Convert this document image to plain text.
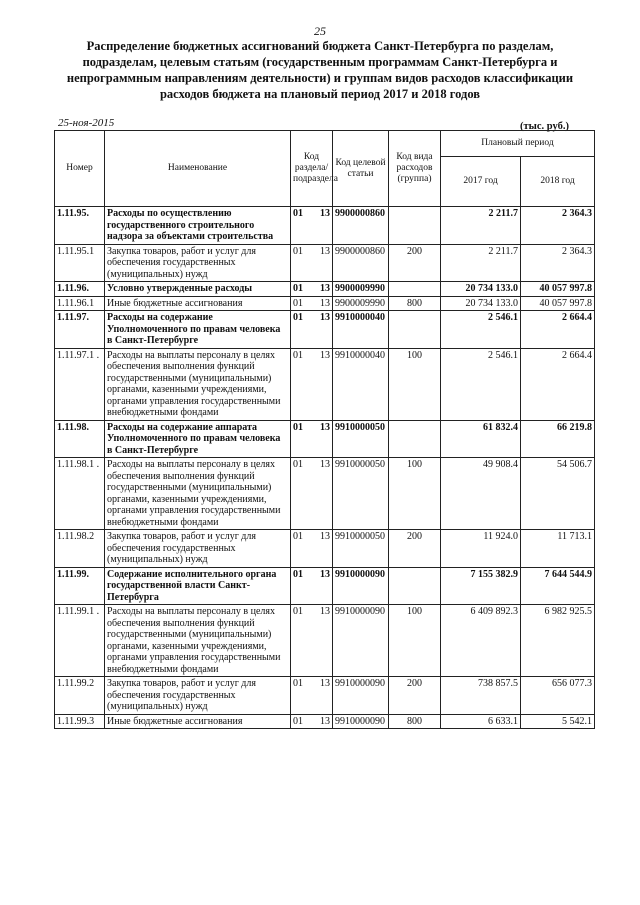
25
Распределение бюджетных ассигнований бюджета Санкт-Петербурга по разделам, подразделам, целевым статьям (государственным программам Санкт-Петербурга и непрограммным направлениям деятельности) и группам видов расходов классификации расходов бюджета на плановый период 2017 и 2018 годов
25-ноя-2015	(тыс. руб.)
Номер	Наименование	Код раздела/ подраздела	Код целевой статьи	Код вида расходов (группа)	Плановый период	
					2017 год	2018 год
1.11.95.	Расходы по осуществлению государственного строительного надзора за объектами строительства	01 13	9900000860		2 211.7	2 364.3
1.11.95.1	Закупка товаров, работ и услуг для обеспечения государственных (муниципальных) нужд	01 13	9900000860	200	2 211.7	2 364.3
1.11.96.	Условно утвержденные расходы	01 13	9900009990		20 734 133.0	40 057 997.8
1.11.96.1	Иные бюджетные ассигнования	01 13	9900009990	800	20 734 133.0	40 057 997.8
1.11.97.	Расходы на содержание Уполномоченного по правам человека в Санкт-Петербурге	01 13	9910000040		2 546.1	2 664.4
1.11.97.1 .	Расходы на выплаты персоналу в целях обеспечения выполнения функций государственными (муниципальными) органами, казенными учреждениями, органами управления государственными внебюджетными фондами	01 13	9910000040	100	2 546.1	2 664.4
1.11.98.	Расходы на содержание аппарата Уполномоченного по правам человека в Санкт-Петербурге	01 13	9910000050		61 832.4	66 219.8
1.11.98.1 .	Расходы на выплаты персоналу в целях обеспечения выполнения функций государственными (муниципальными) органами, казенными учреждениями, органами управления государственными внебюджетными фондами	01 13	9910000050	100	49 908.4	54 506.7
1.11.98.2	Закупка товаров, работ и услуг для обеспечения государственных (муниципальных) нужд	01 13	9910000050	200	11 924.0	11 713.1
1.11.99.	Содержание исполнительного органа государственной власти Санкт-Петербурга	01 13	9910000090		7 155 382.9	7 644 544.9
1.11.99.1 .	Расходы на выплаты персоналу в целях обеспечения выполнения функций государственными (муниципальными) органами, казенными учреждениями, органами управления государственными внебюджетными фондами	01 13	9910000090	100	6 409 892.3	6 982 925.5
1.11.99.2	Закупка товаров, работ и услуг для обеспечения государственных (муниципальных) нужд	01 13	9910000090	200	738 857.5	656 077.3
1.11.99.3	Иные бюджетные ассигнования	01 13	9910000090	800	6 633.1	5 542.1
